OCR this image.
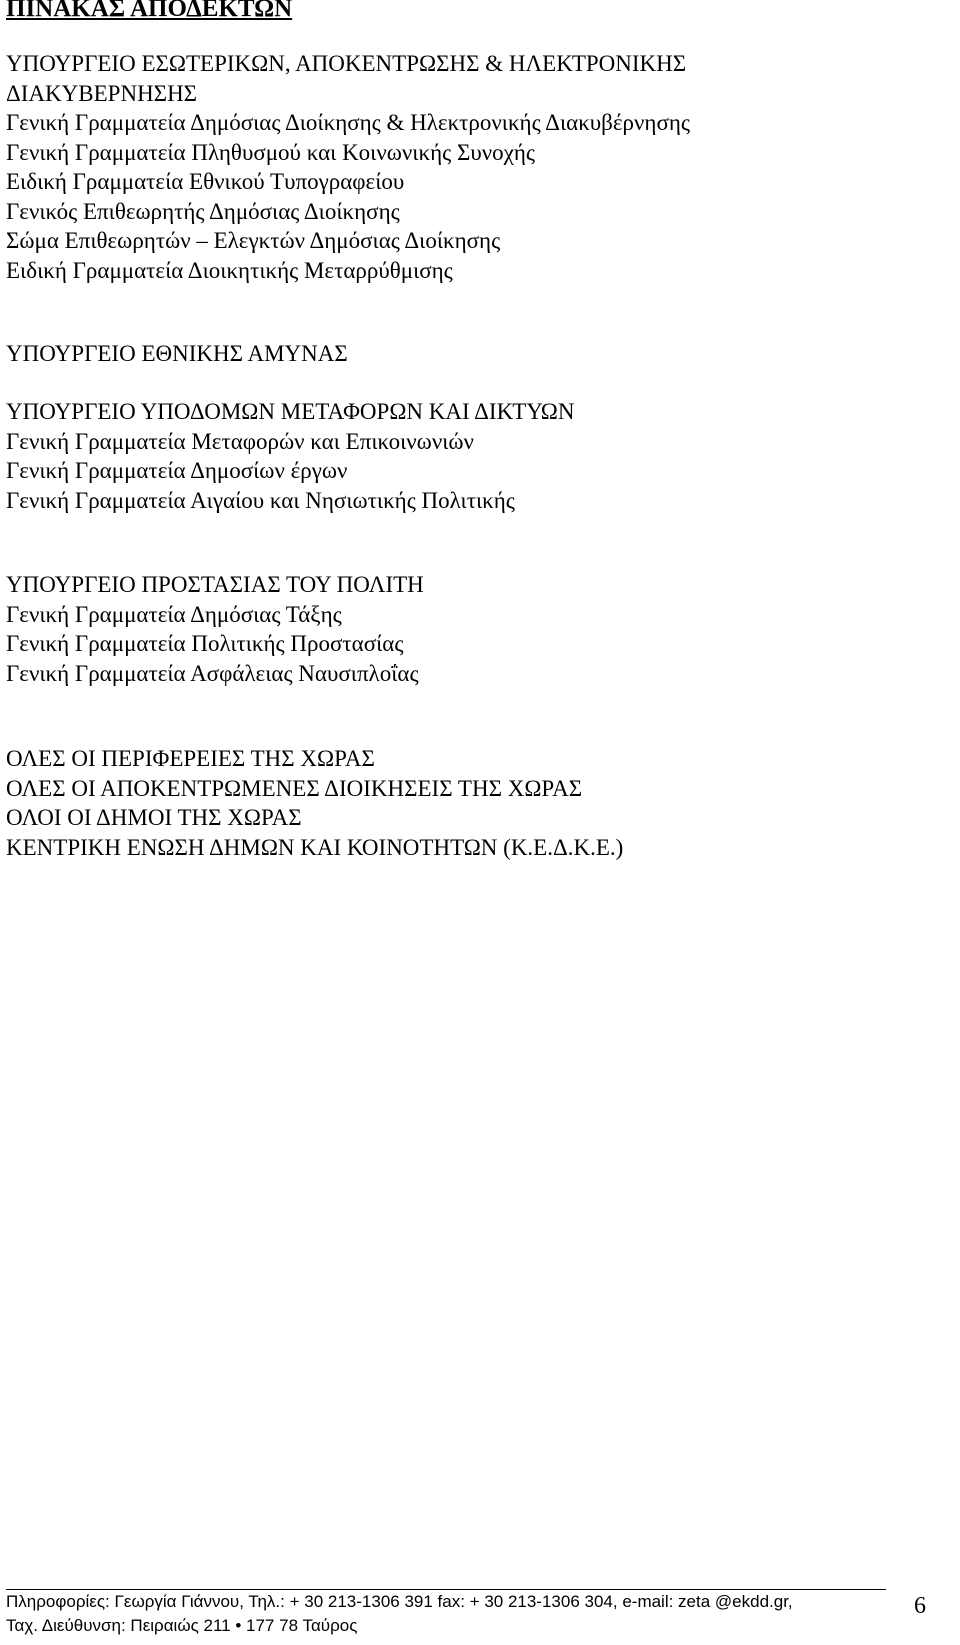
ΠΙΝΑΚΑΣ ΑΠΟΔΕΚΤΩΝ
ΥΠΟΥΡΓΕΙΟ ΕΣΩΤΕΡΙΚΩΝ, ΑΠΟΚΕΝΤΡΩΣΗΣ & ΗΛΕΚΤΡΟΝΙΚΗΣ
ΔΙΑΚΥΒΕΡΝΗΣΗΣ
Γενική Γραμματεία Δημόσιας Διοίκησης & Ηλεκτρονικής Διακυβέρνησης
Γενική Γραμματεία Πληθυσμού και Κοινωνικής Συνοχής
Ειδική Γραμματεία Εθνικού Τυπογραφείου
Γενικός Επιθεωρητής Δημόσιας Διοίκησης
Σώμα Επιθεωρητών – Ελεγκτών Δημόσιας Διοίκησης
Ειδική Γραμματεία Διοικητικής Μεταρρύθμισης
ΥΠΟΥΡΓΕΙΟ ΕΘΝΙΚΗΣ ΑΜΥΝΑΣ
ΥΠΟΥΡΓΕΙΟ ΥΠΟΔΟΜΩΝ ΜΕΤΑΦΟΡΩΝ ΚΑΙ ΔΙΚΤΥΩΝ
Γενική Γραμματεία Μεταφορών και Επικοινωνιών
Γενική Γραμματεία Δημοσίων έργων
Γενική Γραμματεία Αιγαίου και Νησιωτικής Πολιτικής
ΥΠΟΥΡΓΕΙΟ ΠΡΟΣΤΑΣΙΑΣ ΤΟΥ ΠΟΛΙΤΗ
Γενική Γραμματεία Δημόσιας Τάξης
Γενική Γραμματεία Πολιτικής Προστασίας
Γενική Γραμματεία Ασφάλειας Ναυσιπλοΐας
ΟΛΕΣ ΟΙ ΠΕΡΙΦΕΡΕΙΕΣ ΤΗΣ ΧΩΡΑΣ
ΟΛΕΣ ΟΙ ΑΠΟΚΕΝΤΡΩΜΕΝΕΣ ΔΙΟΙΚΗΣΕΙΣ ΤΗΣ ΧΩΡΑΣ
ΟΛΟΙ ΟΙ ΔΗΜΟΙ ΤΗΣ ΧΩΡΑΣ
ΚΕΝΤΡΙΚΗ ΕΝΩΣΗ ΔΗΜΩΝ ΚΑΙ ΚΟΙΝΟΤΗΤΩΝ (Κ.Ε.Δ.Κ.Ε.)
Πληροφορίες: Γεωργία Γιάννου, Τηλ.: + 30 213-1306 391 fax: + 30 213-1306 304, e-mail: zeta @ekdd.gr,
Ταχ. Διεύθυνση: Πειραιώς 211 • 177 78 Ταύρος
6
